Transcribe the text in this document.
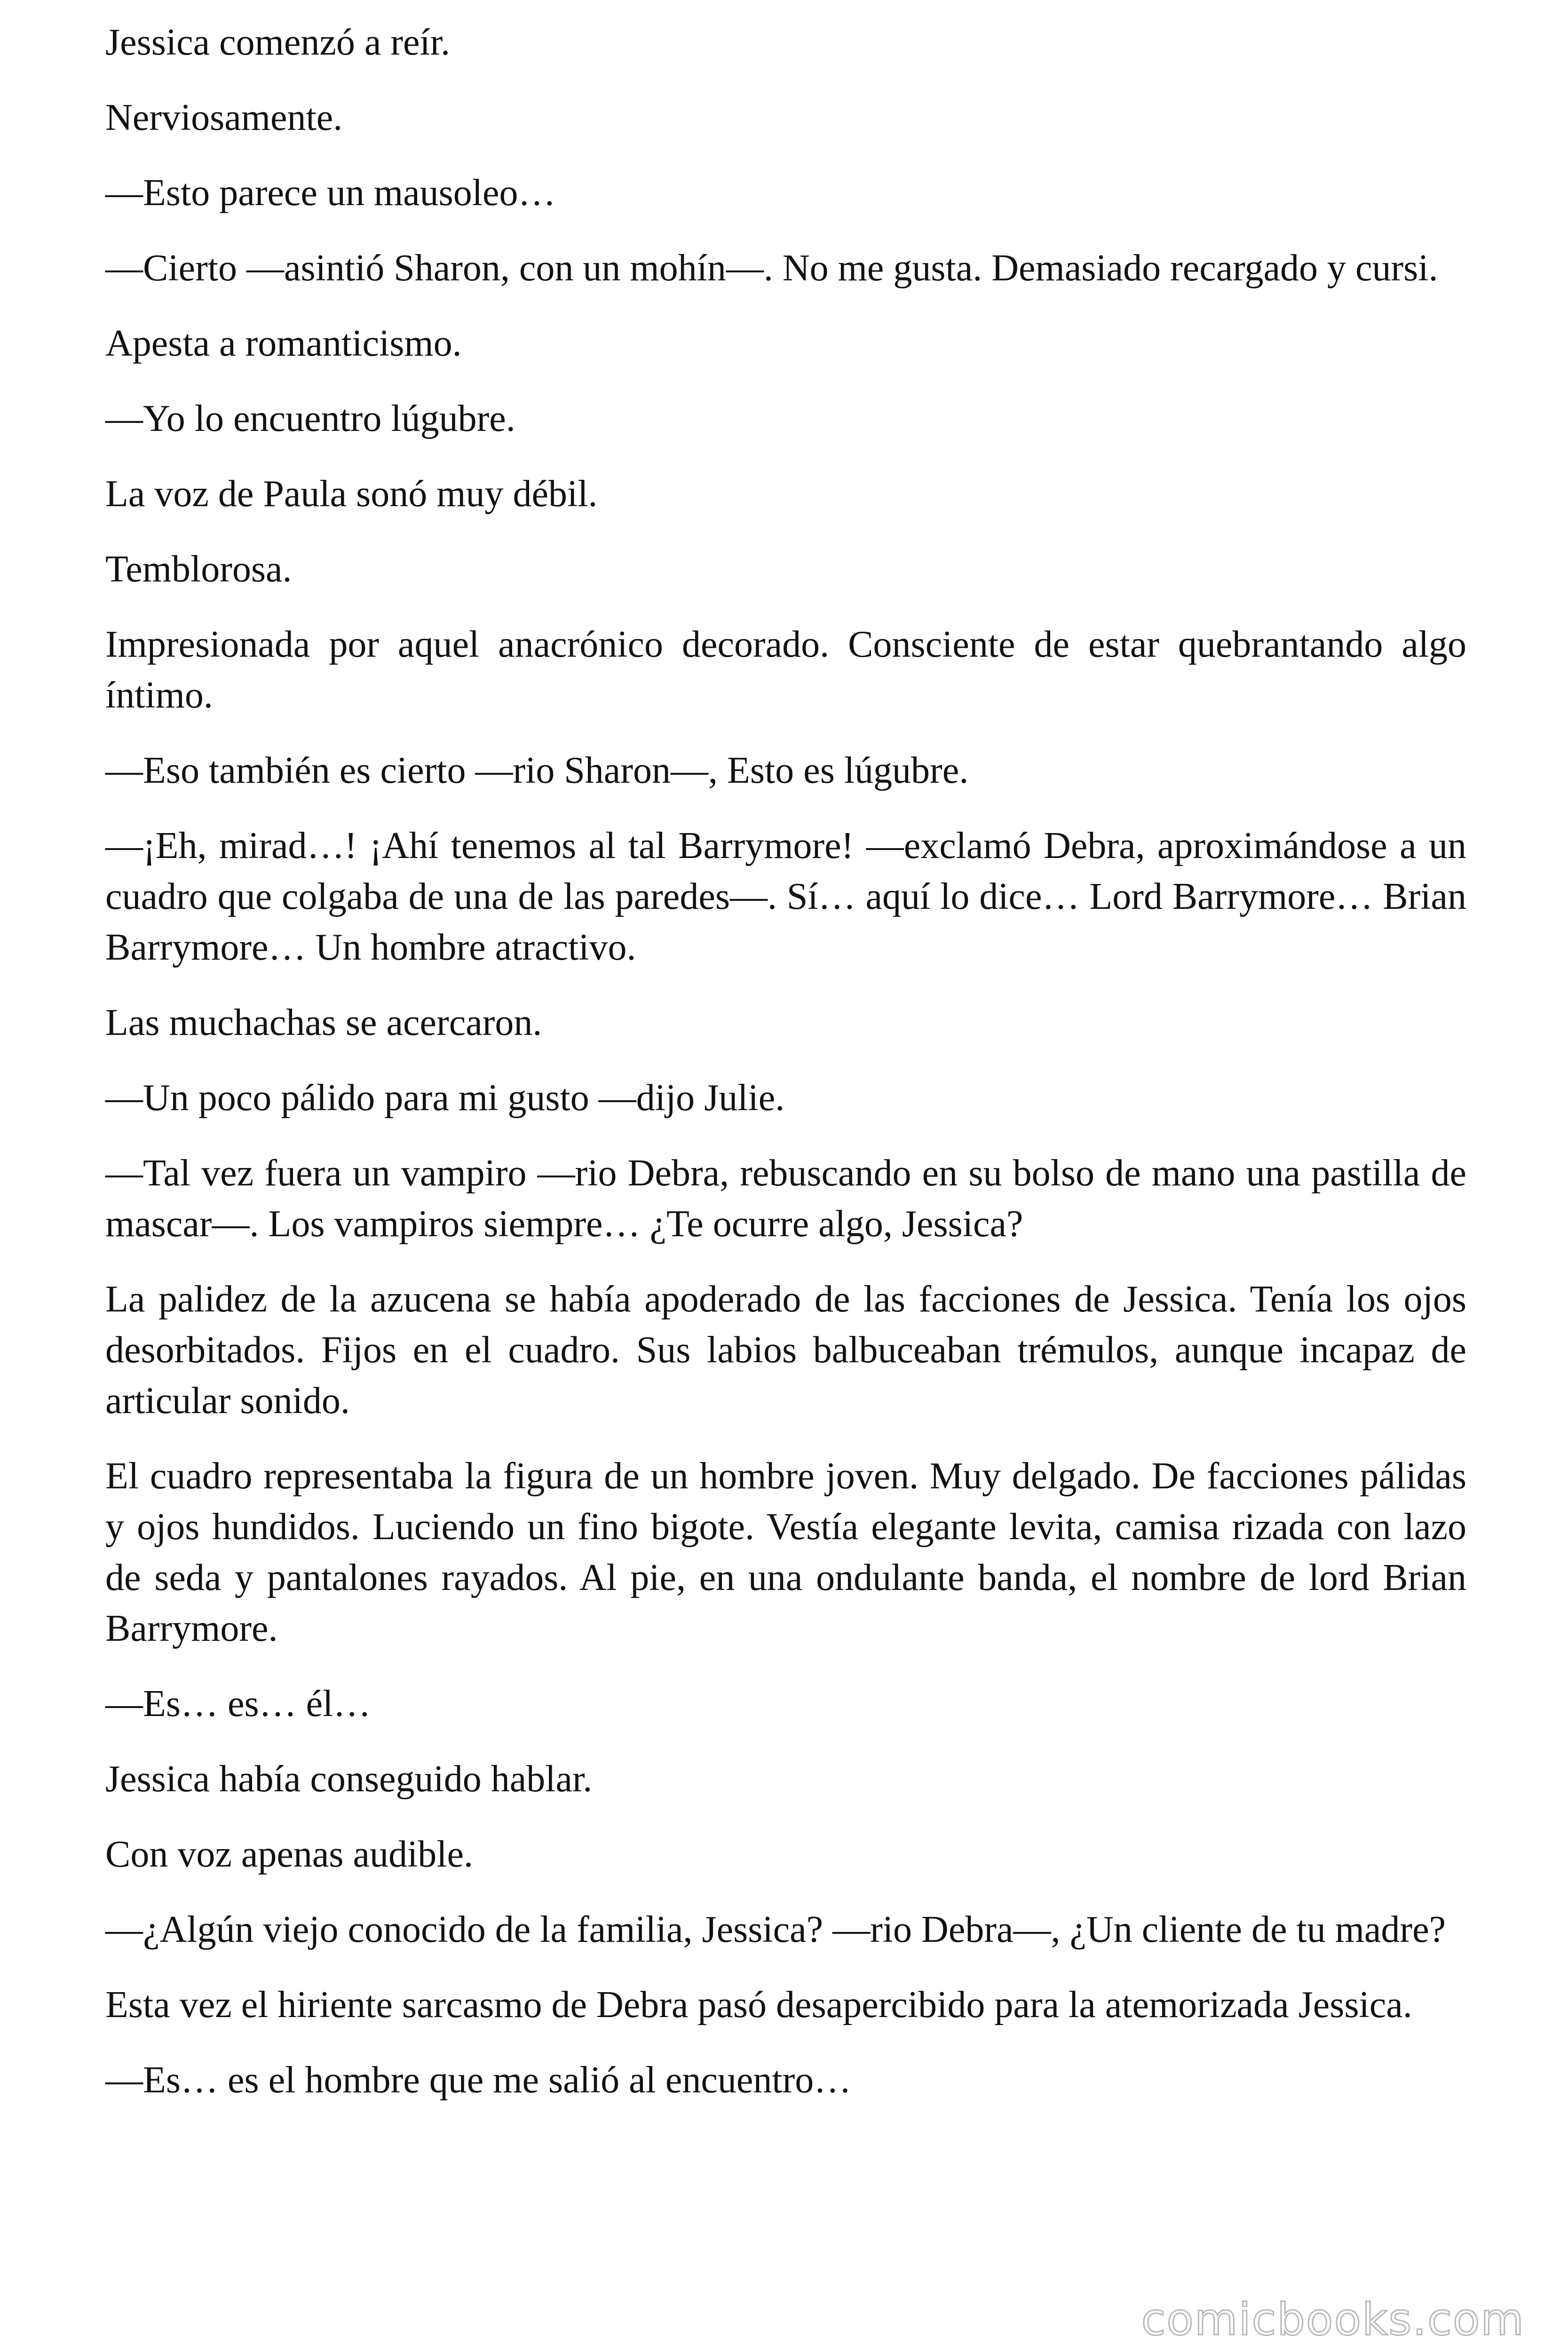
Jessica comenzó a reír.

Nerviosamente.

—Esto parece un mausoleo…

—Cierto —asintió Sharon, con un mohín—. No me gusta. Demasiado recargado y cursi.

Apesta a romanticismo.

—Yo lo encuentro lúgubre.

La voz de Paula sonó muy débil.

Temblorosa.

Impresionada por aquel anacrónico decorado. Consciente de estar quebrantando algo íntimo.

—Eso también es cierto —rio Sharon—, Esto es lúgubre.

—¡Eh, mirad…! ¡Ahí tenemos al tal Barrymore! —exclamó Debra, aproximándose a un cuadro que colgaba de una de las paredes—. Sí… aquí lo dice… Lord Barrymore… Brian Barrymore… Un hombre atractivo.

Las muchachas se acercaron.

—Un poco pálido para mi gusto —dijo Julie.

—Tal vez fuera un vampiro —rio Debra, rebuscando en su bolso de mano una pastilla de mascar—. Los vampiros siempre… ¿Te ocurre algo, Jessica?

La palidez de la azucena se había apoderado de las facciones de Jessica. Tenía los ojos desorbitados. Fijos en el cuadro. Sus labios balbuceaban trémulos, aunque incapaz de articular sonido.

El cuadro representaba la figura de un hombre joven. Muy delgado. De facciones pálidas y ojos hundidos. Luciendo un fino bigote. Vestía elegante levita, camisa rizada con lazo de seda y pantalones rayados. Al pie, en una ondulante banda, el nombre de lord Brian Barrymore.

—Es… es… él…

Jessica había conseguido hablar.

Con voz apenas audible.

—¿Algún viejo conocido de la familia, Jessica? —rio Debra—, ¿Un cliente de tu madre?

Esta vez el hiriente sarcasmo de Debra pasó desapercibido para la atemorizada Jessica.

—Es… es el hombre que me salió al encuentro…

comicbooks.com
